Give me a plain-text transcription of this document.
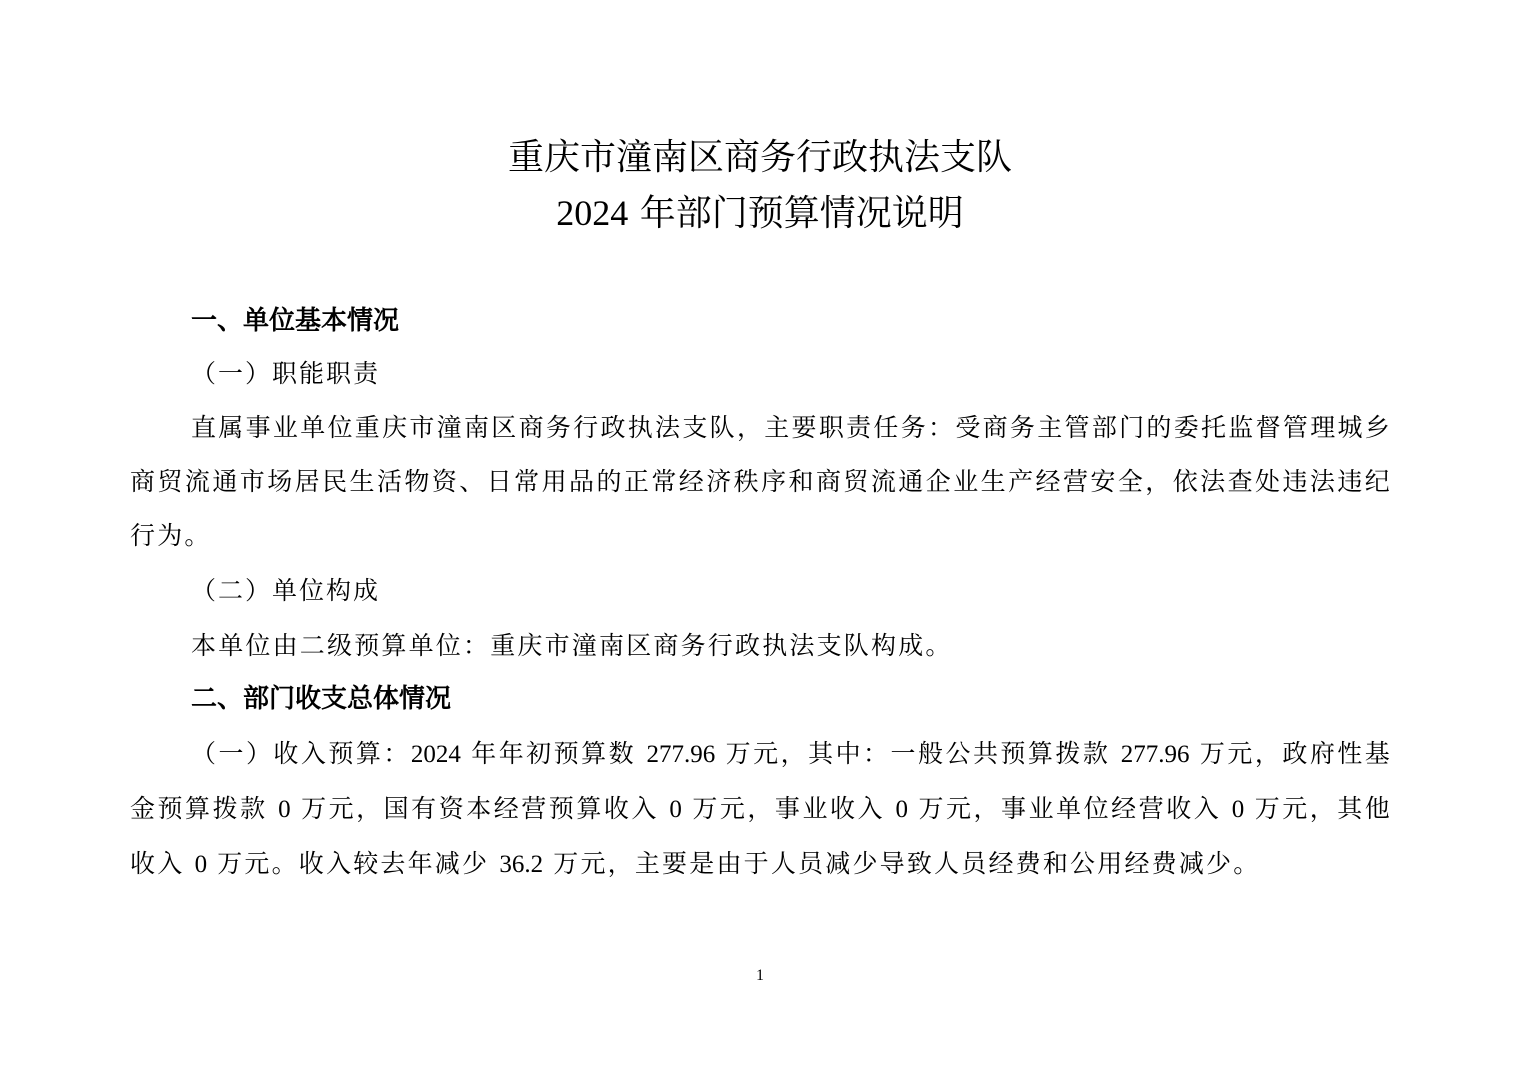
重庆市潼南区商务行政执法支队
2024 年部门预算情况说明
一、单位基本情况
（一）职能职责
直属事业单位重庆市潼南区商务行政执法支队，主要职责任务：受商务主管部门的委托监督管理城乡商贸流通市场居民生活物资、日常用品的正常经济秩序和商贸流通企业生产经营安全，依法查处违法违纪行为。
（二）单位构成
本单位由二级预算单位：重庆市潼南区商务行政执法支队构成。
二、部门收支总体情况
（一）收入预算：2024 年年初预算数 277.96 万元，其中：一般公共预算拨款 277.96 万元，政府性基金预算拨款 0 万元，国有资本经营预算收入 0 万元，事业收入 0 万元，事业单位经营收入 0 万元，其他收入 0 万元。收入较去年减少 36.2 万元，主要是由于人员减少导致人员经费和公用经费减少。
1
